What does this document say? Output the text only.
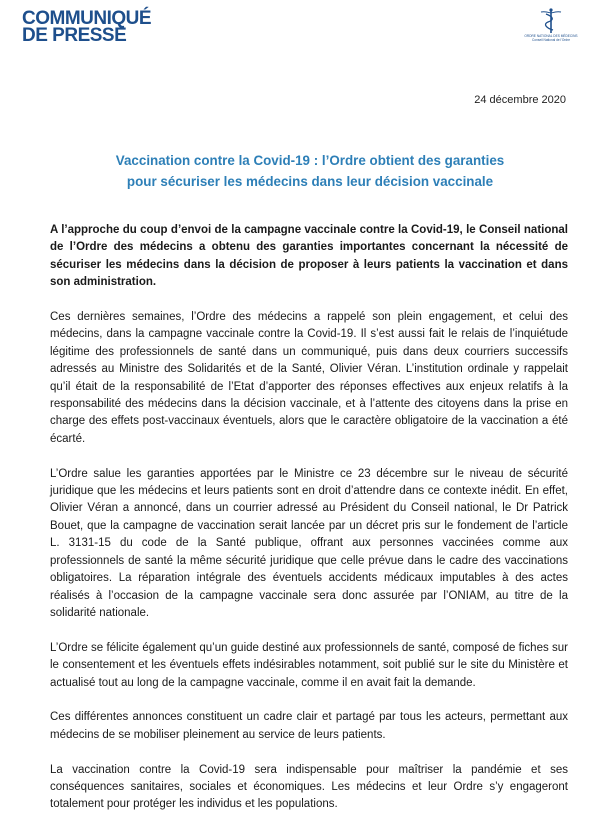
COMMUNIQUÉ
DE PRESSE	ORDRE NATIONAL DES MÉDECINS
Conseil National de l'Ordre
24 décembre 2020
Vaccination contre la Covid-19 : l’Ordre obtient des garanties
pour sécuriser les médecins dans leur décision vaccinale

A l’approche du coup d’envoi de la campagne vaccinale contre la Covid-19, le Conseil national de l’Ordre des médecins a obtenu des garanties importantes concernant la nécessité de sécuriser les médecins dans la décision de proposer à leurs patients la vaccination et dans son administration.

Ces dernières semaines, l’Ordre des médecins a rappelé son plein engagement, et celui des médecins, dans la campagne vaccinale contre la Covid-19. Il s’est aussi fait le relais de l’inquiétude légitime des professionnels de santé dans un communiqué, puis dans deux courriers successifs adressés au Ministre des Solidarités et de la Santé, Olivier Véran. L’institution ordinale y rappelait qu’il était de la responsabilité de l’Etat d’apporter des réponses effectives aux enjeux relatifs à la responsabilité des médecins dans la décision vaccinale, et à l’attente des citoyens dans la prise en charge des effets post-vaccinaux éventuels, alors que le caractère obligatoire de la vaccination a été écarté.

L’Ordre salue les garanties apportées par le Ministre ce 23 décembre sur le niveau de sécurité juridique que les médecins et leurs patients sont en droit d’attendre dans ce contexte inédit. En effet, Olivier Véran a annoncé, dans un courrier adressé au Président du Conseil national, le Dr Patrick Bouet, que la campagne de vaccination serait lancée par un décret pris sur le fondement de l’article L. 3131-15 du code de la Santé publique, offrant aux personnes vaccinées comme aux professionnels de santé la même sécurité juridique que celle prévue dans le cadre des vaccinations obligatoires. La réparation intégrale des éventuels accidents médicaux imputables à des actes réalisés à l’occasion de la campagne vaccinale sera donc assurée par l’ONIAM, au titre de la solidarité nationale.

L’Ordre se félicite également qu’un guide destiné aux professionnels de santé, composé de fiches sur le consentement et les éventuels effets indésirables notamment, soit publié sur le site du Ministère et actualisé tout au long de la campagne vaccinale, comme il en avait fait la demande.

Ces différentes annonces constituent un cadre clair et partagé par tous les acteurs, permettant aux médecins de se mobiliser pleinement au service de leurs patients.

La vaccination contre la Covid-19 sera indispensable pour maîtriser la pandémie et ses conséquences sanitaires, sociales et économiques. Les médecins et leur Ordre s’y engageront totalement pour protéger les individus et les populations.
